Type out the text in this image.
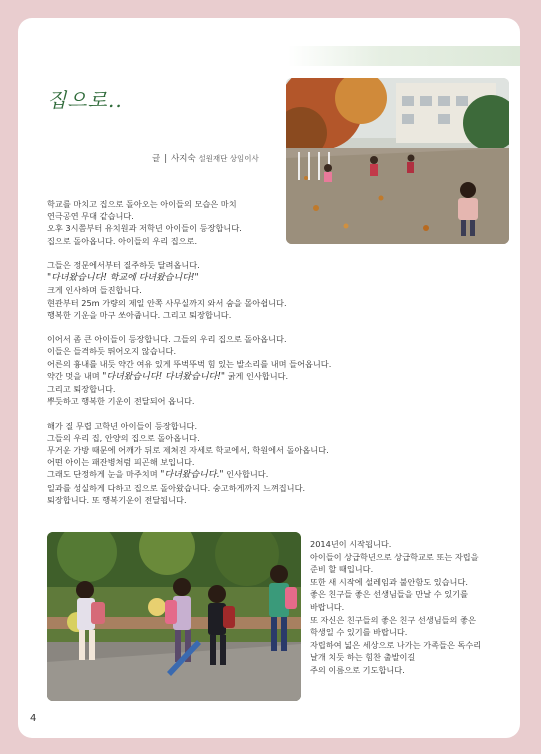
집으로..
글 | 사지숙 설원재단 상임이사
학교를 마치고 집으로 돌아오는 아이들의 모습은 마치
연극공연 무대 같습니다.
오후 3시쯤부터 유치원과 저학년 아이들이 등장합니다.
집으로 돌아옵니다. 아이들의 우리 집으로.
그들은 정문에서부터 질주하듯 달려옵니다.
"다녀왔습니다! 학교에 다녀왔습니다!"
크게 인사하며 들진합니다.
현관부터 25m 가량의 제일 안쪽 사무실까지 와서 숨을 몰아쉽니다.
행복한 기운을 마구 쏘아줍니다. 그리고 퇴장합니다.
이어서 좀 큰 아이들이 등장합니다. 그들의 우리 집으로 돌아옵니다.
이들은 들격하듯 뛰어오지 않습니다.
어른의 흉내를 내듯 약간 여유 있게 뚜벅뚜벅 힘 있는 발소리를 내며 들어옵니다.
약간 멋을 내며 "다녀왔습니다! 다녀왔습니다!" 굵게 인사합니다.
그리고 퇴장합니다.
뿌듯하고 행복한 기운이 전달되어 옵니다.
해가 질 무렵 고학년 아이들이 등장합니다.
그들의 우리 집, 안양의 집으로 돌아옵니다.
무거운 가방 때문에 어깨가 뒤로 제쳐진 자세로 학교에서, 학원에서 돌아옵니다.
어떤 아이는 패잔병처럼 피곤해 보입니다.
그래도 단정하게 눈을 마주치며 "다녀왔습니다." 인사합니다.
일과를 성실하게 다하고 집으로 돌아왔습니다. 숭고하게까지 느껴집니다.
퇴장합니다. 또 행복기운이 전달됩니다.
2014년이 시작됩니다.
아이들이 상급학년으로 상급학교로 또는 자립을
준비 할 때입니다.
또한 새 시작에 설레임과 불안함도 있습니다.
좋은 친구들 좋은 선생님들을 만날 수 있기를
바랍니다.
또 자신은 친구들의 좋은 친구 선생님들의 좋은
학생일 수 있기를 바랍니다.
자립하여 넓은 세상으로 나가는 가족들은 독수리
날개 치듯 하는 힘찬 출발이길
주의 이름으로 기도합니다.
4
